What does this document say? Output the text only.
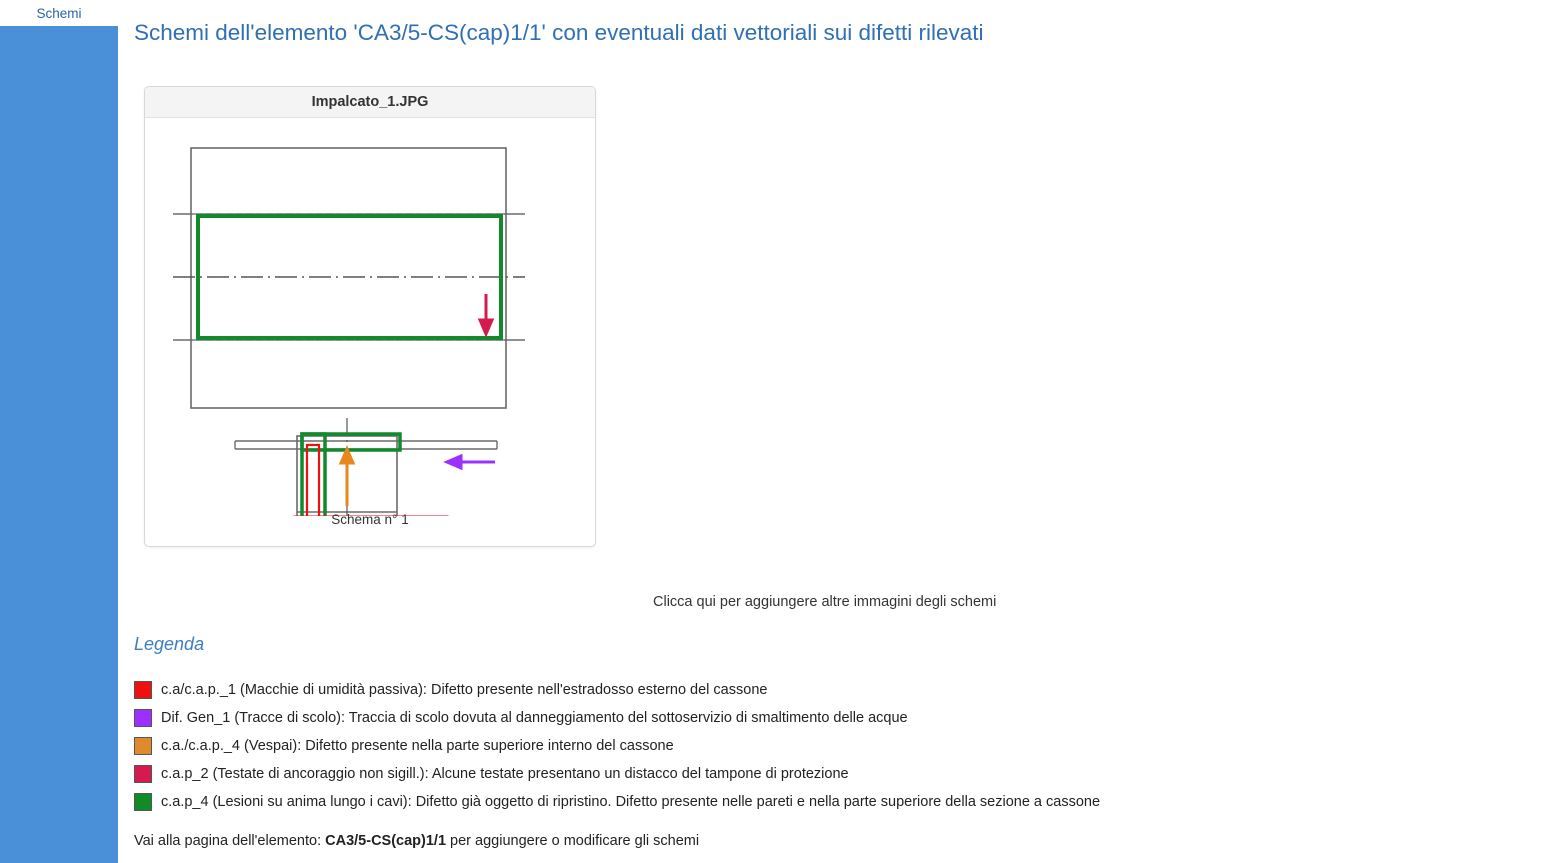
Schemi
Schemi dell'elemento 'CA3/5-CS(cap)1/1' con eventuali dati vettoriali sui difetti rilevati
Impalcato_1.JPG
Schema n° 1
Clicca qui per aggiungere altre immagini degli schemi
Legenda
c.a/c.a.p._1 (Macchie di umidità passiva): Difetto presente nell'estradosso esterno del cassone
Dif. Gen_1 (Tracce di scolo): Traccia di scolo dovuta al danneggiamento del sottoservizio di smaltimento delle acque
c.a./c.a.p._4 (Vespai): Difetto presente nella parte superiore interno del cassone
c.a.p_2 (Testate di ancoraggio non sigill.): Alcune testate presentano un distacco del tampone di protezione
c.a.p_4 (Lesioni su anima lungo i cavi): Difetto già oggetto di ripristino. Difetto presente nelle pareti e nella parte superiore della sezione a cassone
Vai alla pagina dell'elemento: CA3/5-CS(cap)1/1 per aggiungere o modificare gli schemi
